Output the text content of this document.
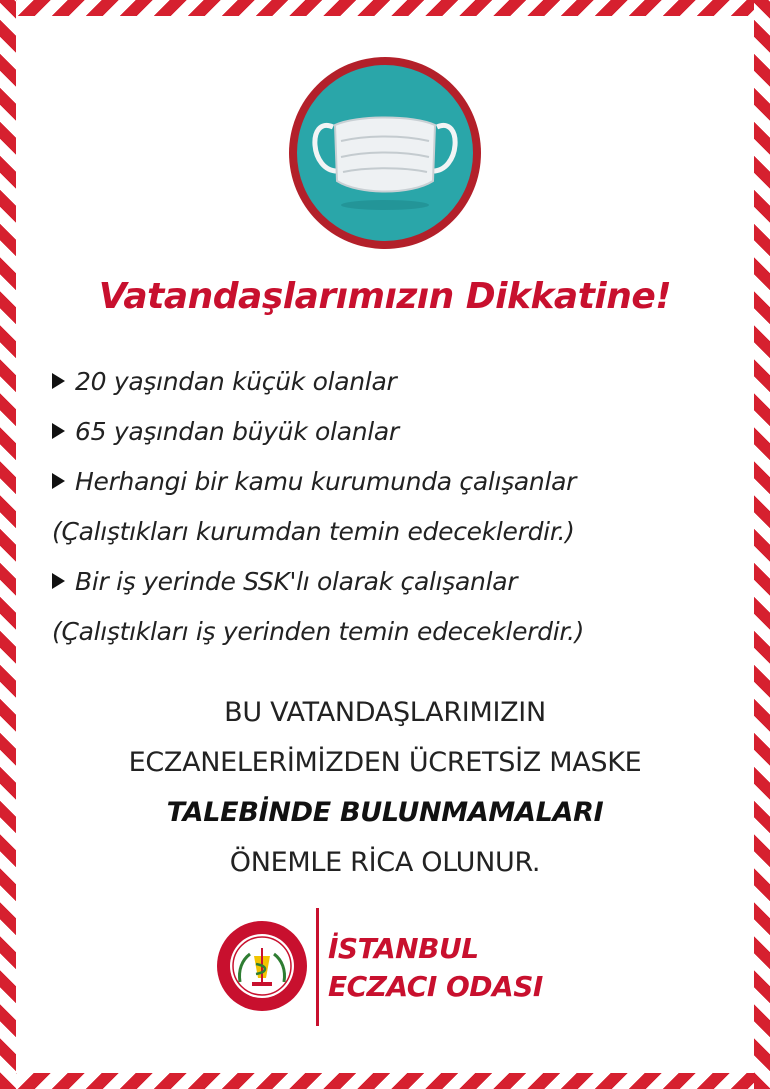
Vatandaşlarımızın Dikkatine!
20 yaşından küçük olanlar
65 yaşından büyük olanlar
Herhangi bir kamu kurumunda çalışanlar
(Çalıştıkları kurumdan temin edeceklerdir.)
Bir iş yerinde SSK'lı olarak çalışanlar
(Çalıştıkları iş yerinden temin edeceklerdir.)
BU VATANDAŞLARIMIZIN
ECZANELERİMİZDEN ÜCRETSİZ MASKE
TALEBİNDE BULUNMAMALARI
ÖNEMLE RİCA OLUNUR.
İSTANBUL
ECZACI ODASI
